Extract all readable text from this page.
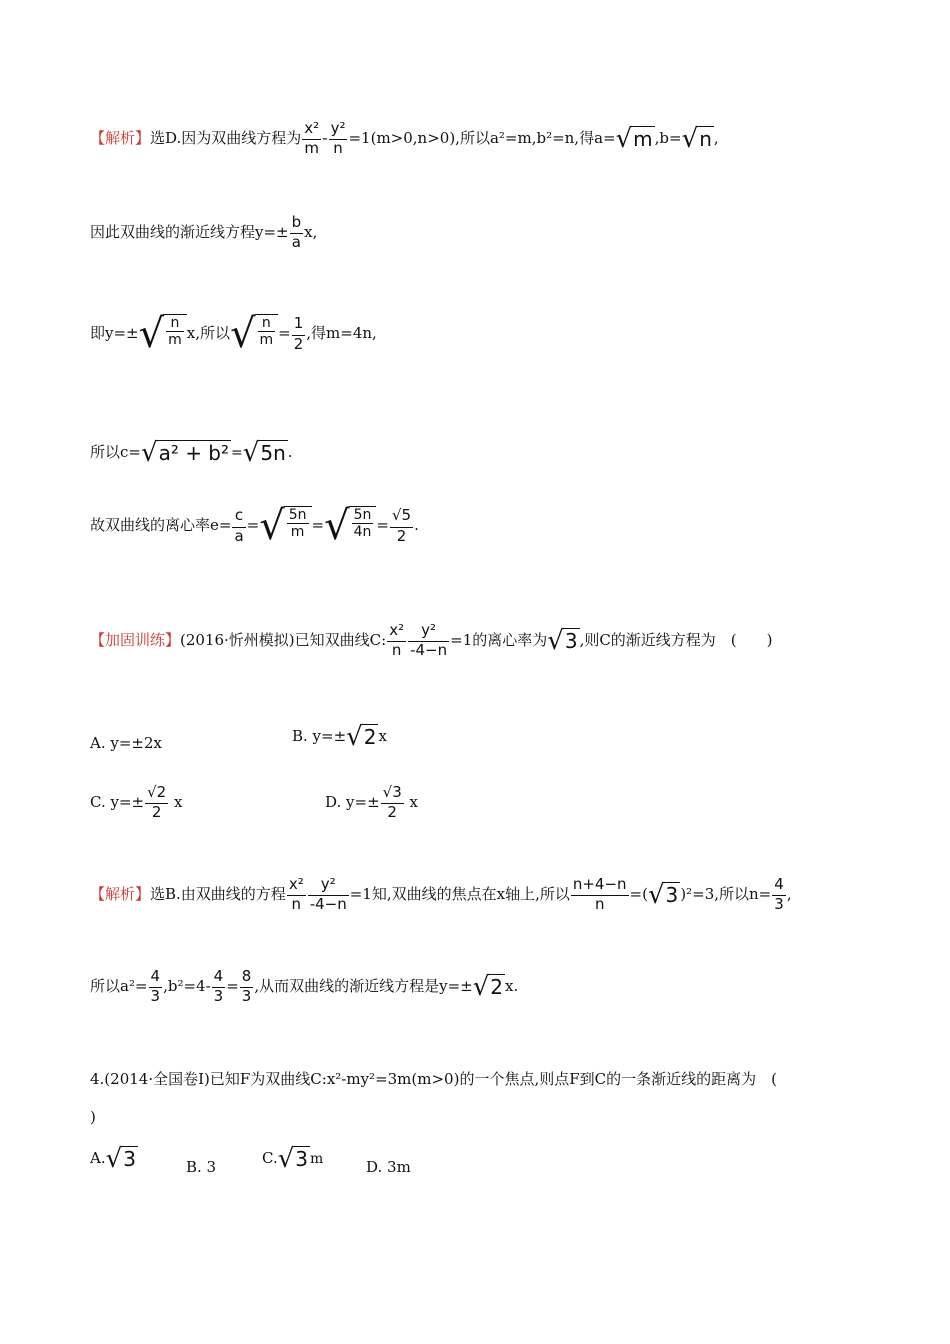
【解析】选D.因为双曲线方程为 $\frac{\text{x²}}{m} - \frac{\text{y²}}{n} =1(m>0,n>0)$,所以a²=m,b²=n,得a= √ m ,b= √ n ,
因此双曲线的渐近线方程$y=\pm \frac{b}{a} x$,
即y=± √ $\frac{n}{m} x$,所以 √ $\frac{n}{m} = \frac{1}{2}$ ,得m=4n,
所以c= √ a² + b² = √ 5n .
故双曲线的离心率$e= \frac{c}{a}$ = √ $\frac{5n}{m}$ = √ $\frac{5n}{4n} = \frac{√5}{2}$ .
【加固训练】(2016·忻州模拟)已知双曲线C: $\frac{\text{x²}}{n} \frac{\text{y²}}{-4-n} =1$的离心率为 √ 3 ,则C的渐近线方程为　(　　)
A. y=±2x	B. y=± √ 2 x
C. $y=\pm \frac{√2}{2}$ x	D. $y=\pm \frac{√3}{2}$ x
【解析】选B.由双曲线的方程 $\frac{\text{x²}}{n} \frac{\text{y²}}{-4-n} =1$知,双曲线的焦点在x轴上,所以 $\frac{n+4-n}{n}$ =( √ 3 )²=3,所以$n= \frac{4}{3}$ ,
所以$a^2= \frac{4}{3} ,b^2=4- \frac{4}{3} = \frac{8}{3}$ ,从而双曲线的渐近线方程是y=± √ 2 x.
4.(2014·全国卷Ⅰ)已知F为双曲线C:x²-my²=3m(m>0)的一个焦点,则点F到C的一条渐近线的距离为　(
)
A. √ 3	B. 3	C. √ 3 m	D. 3m
